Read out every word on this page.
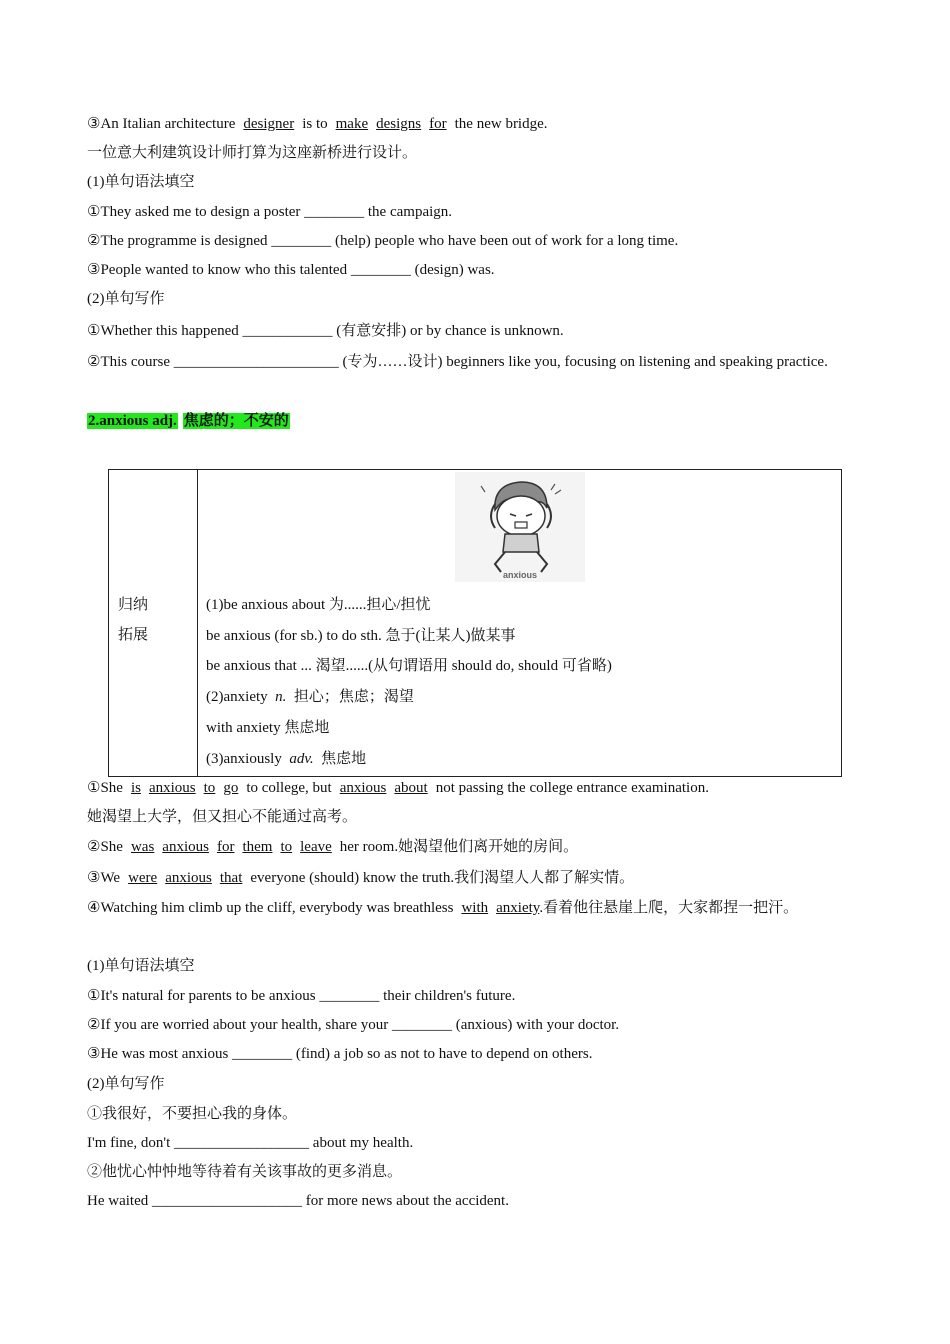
③An Italian architecture designer is to make designs for the new bridge.
一位意大利建筑设计师打算为这座新桥进行设计。
(1)单句语法填空
①They asked me to design a poster ________ the campaign.
②The programme is designed ________ (help) people who have been out of work for a long time.
③People wanted to know who this talented ________ (design) was.
(2)单句写作
①Whether this happened ____________ (有意安排) or by chance is unknown.
②This course ______________________ (专为……设计) beginners like you, focusing on listening and speaking practice.
2.anxious adj. 焦虑的；不安的
anxious
归纳
拓展
(1)be anxious about 为......担心/担忧
be anxious (for sb.) to do sth. 急于(让某人)做某事
be anxious that ... 渴望......(从句谓语用 should do, should 可省略)
(2)anxiety n. 担心；焦虑；渴望
with anxiety 焦虑地
(3)anxiously adv. 焦虑地
①She is anxious to go to college, but anxious about not passing the college entrance examination.
她渴望上大学，但又担心不能通过高考。
②She was anxious for them to leave her room.她渴望他们离开她的房间。
③We were anxious that everyone (should) know the truth.我们渴望人人都了解实情。
④Watching him climb up the cliff, everybody was breathless with anxiety.看着他往悬崖上爬，大家都捏一把汗。
(1)单句语法填空
①It's natural for parents to be anxious ________ their children's future.
②If you are worried about your health, share your ________ (anxious) with your doctor.
③He was most anxious ________ (find) a job so as not to have to depend on others.
(2)单句写作
①我很好，不要担心我的身体。
I'm fine, don't __________________ about my health.
②他忧心忡忡地等待着有关该事故的更多消息。
He waited ____________________ for more news about the accident.
